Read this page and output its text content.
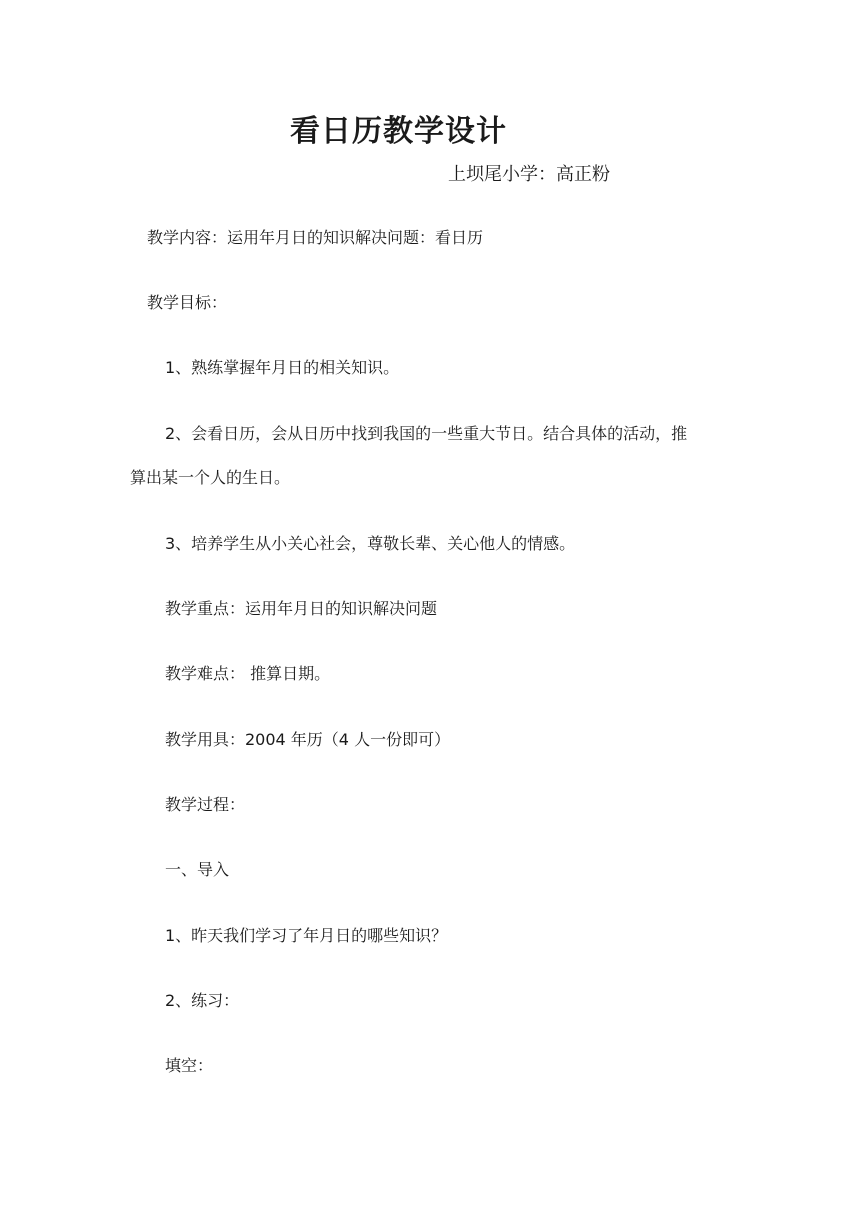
看日历教学设计
上坝尾小学：高正粉
教学内容：运用年月日的知识解决问题：看日历
教学目标：
1、熟练掌握年月日的相关知识。
2、会看日历，会从日历中找到我国的一些重大节日。结合具体的活动，推
算出某一个人的生日。
3、培养学生从小关心社会，尊敬长辈、关心他人的情感。
教学重点：运用年月日的知识解决问题
教学难点： 推算日期。
教学用具：2004 年历（4 人一份即可）
教学过程：
一、导入
1、昨天我们学习了年月日的哪些知识？
2、练习：
填空：
